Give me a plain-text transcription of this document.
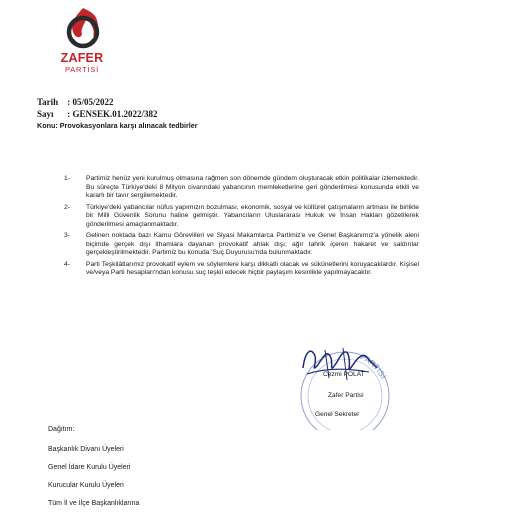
ZAFER
PARTİSİ
Tarih : 05/05/2022
Sayı : GENSEK.01.2022/382
Konu: Provokasyonlara karşı alınacak tedbirler
1- Partimiz henüz yeni kurulmuş olmasına rağmen son dönemde gündem oluşturacak etkin politikalar izlemektedir. Bu süreçte Türkiye'deki 8 Milyon civarındaki yabancının memleketlerine geri gönderilmesi konusunda etkili ve kararlı bir tavır sergilemektedir.
2- Türkiye'deki yabancılar nüfus yapımızın bozulması, ekonomik, sosyal ve kültürel çatışmaların artması ile birlikte bir Milli Güvenlik Sorunu haline gelmiştir. Yabancıların Uluslararası Hukuk ve İnsan Hakları gözetilerek gönderilmesi amaçlanmaktadır.
3- Gelinen noktada bazı Kamu Görevlileri ve Siyasi Makamlarca Partimiz'e ve Genel Başkanımız'a yönelik aleni biçimde gerçek dışı ithamlara dayanan provokatif ahlak dışı; ağır tahrik içeren hakaret ve saldırılar gerçekleştirilmektedir. Partimiz bu konuda 'Suç Duyurusu'nda bulunmaktadır.
4- Parti Teşkilâtlarımız provokatif eylem ve söylemlere karşı dikkatli olacak ve sükûnetlerini koruyacaklardır. Kişisel ve/veya Parti hesapları'ndan konusu suç teşkil edecek hiçbir paylaşım kesinlikle yapılmayacaktır.
PARTİSİ
Cezmi POLAT
Zafer Partisi
Genel Sekreter
Dağıtım:
Başkanlık Divanı Üyeleri
Genel İdare Kurulu Üyeleri
Kurucular Kurulu Üyeleri
Tüm İl ve İlçe Başkanlıklarına
